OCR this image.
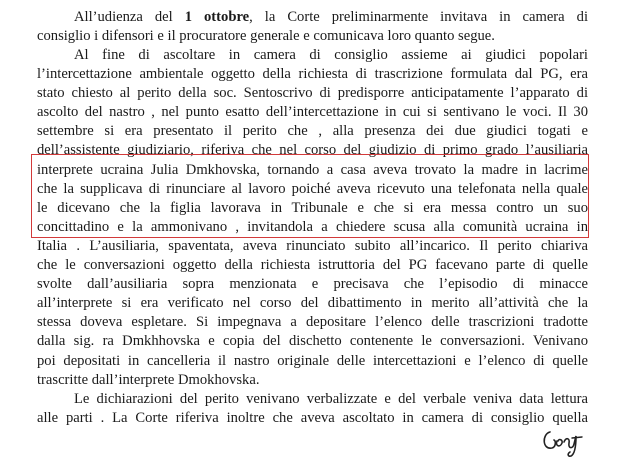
All’udienza del 1 ottobre, la Corte preliminarmente invitava in camera di
consiglio i difensori e il procuratore generale e comunicava loro quanto segue.
Al fine di ascoltare in camera di consiglio assieme ai giudici popolari
l’intercettazione ambientale oggetto della richiesta di trascrizione formulata dal PG, era
stato chiesto al perito della soc. Sentoscrivo di predisporre anticipatamente l’apparato di
ascolto del nastro , nel punto esatto dell’intercettazione in cui si sentivano le voci. Il 30
settembre si era presentato il perito che , alla presenza dei due giudici togati e
dell’assistente giudiziario, riferiva che nel corso del giudizio di primo grado l’ausiliaria
interprete ucraina Julia Dmkhovska, tornando a casa aveva trovato la madre in lacrime
che la supplicava di rinunciare al lavoro poiché aveva ricevuto una telefonata nella quale
le dicevano che la figlia lavorava in Tribunale e che si era messa contro un suo
concittadino e la ammonivano , invitandola a chiedere scusa alla comunità ucraina in
Italia . L’ausiliaria, spaventata, aveva rinunciato subito all’incarico. Il perito chiariva
che le conversazioni oggetto della richiesta istruttoria del PG facevano parte di quelle
svolte dall’ausiliaria sopra menzionata e precisava che l’episodio di minacce
all’interprete si era verificato nel corso del dibattimento in merito all’attività che la
stessa doveva espletare. Si impegnava a depositare l’elenco delle trascrizioni tradotte
dalla sig. ra Dmkhhovska e copia del dischetto contenente le conversazioni. Venivano
poi depositati in cancelleria il nastro originale delle intercettazioni e l’elenco di quelle
trascritte dall’interprete Dmokhovska.
Le dichiarazioni del perito venivano verbalizzate e del verbale veniva data lettura
alle parti . La Corte riferiva inoltre che aveva ascoltato in camera di consiglio quella
